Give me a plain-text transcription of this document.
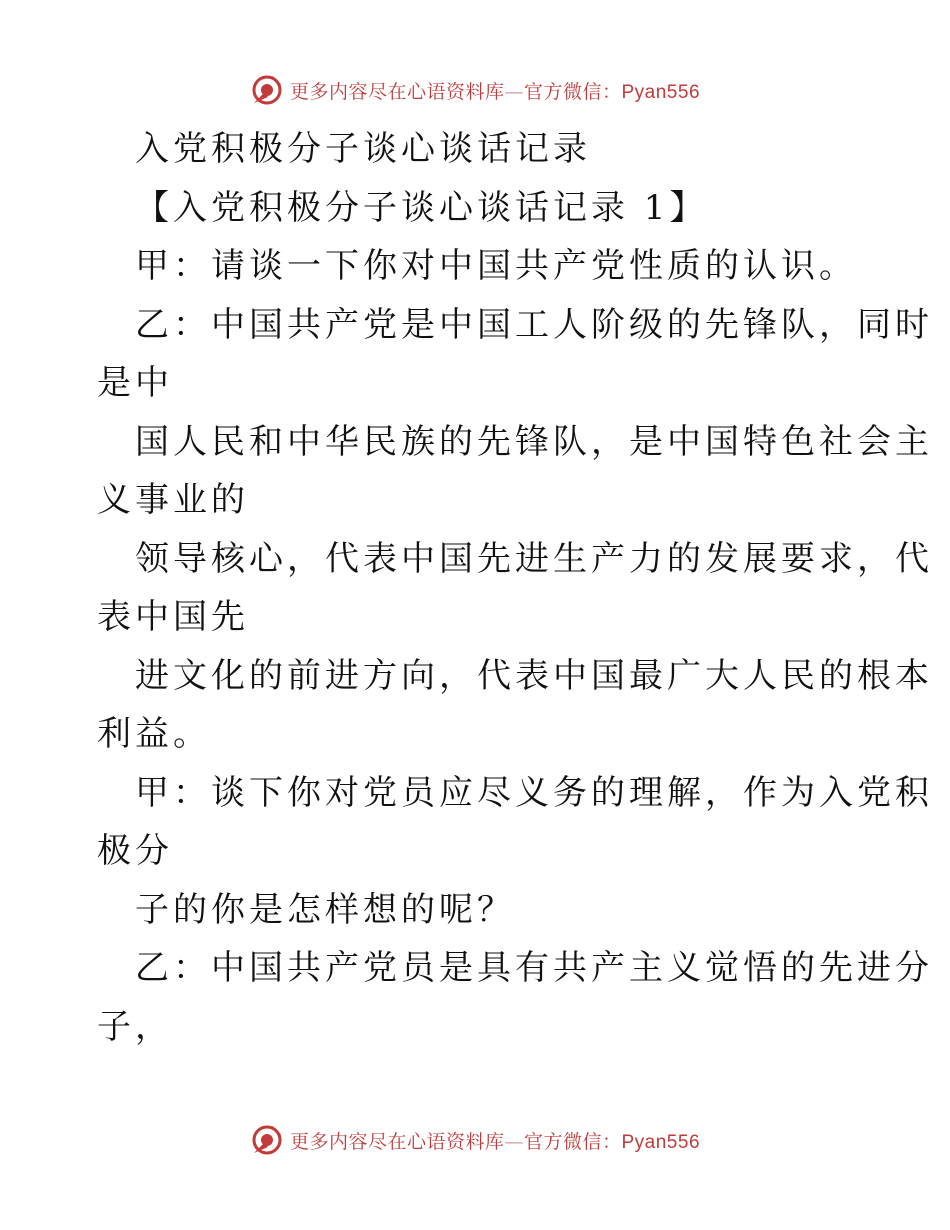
更多内容尽在心语资料库—官方微信：Pyan556
入党积极分子谈心谈话记录
【入党积极分子谈心谈话记录 1】
甲：请谈一下你对中国共产党性质的认识。
乙：中国共产党是中国工人阶级的先锋队，同时
是中
国人民和中华民族的先锋队，是中国特色社会主
义事业的
领导核心，代表中国先进生产力的发展要求，代
表中国先
进文化的前进方向，代表中国最广大人民的根本
利益。
甲：谈下你对党员应尽义务的理解，作为入党积
极分
子的你是怎样想的呢？
乙：中国共产党员是具有共产主义觉悟的先进分
子，
更多内容尽在心语资料库—官方微信：Pyan556
